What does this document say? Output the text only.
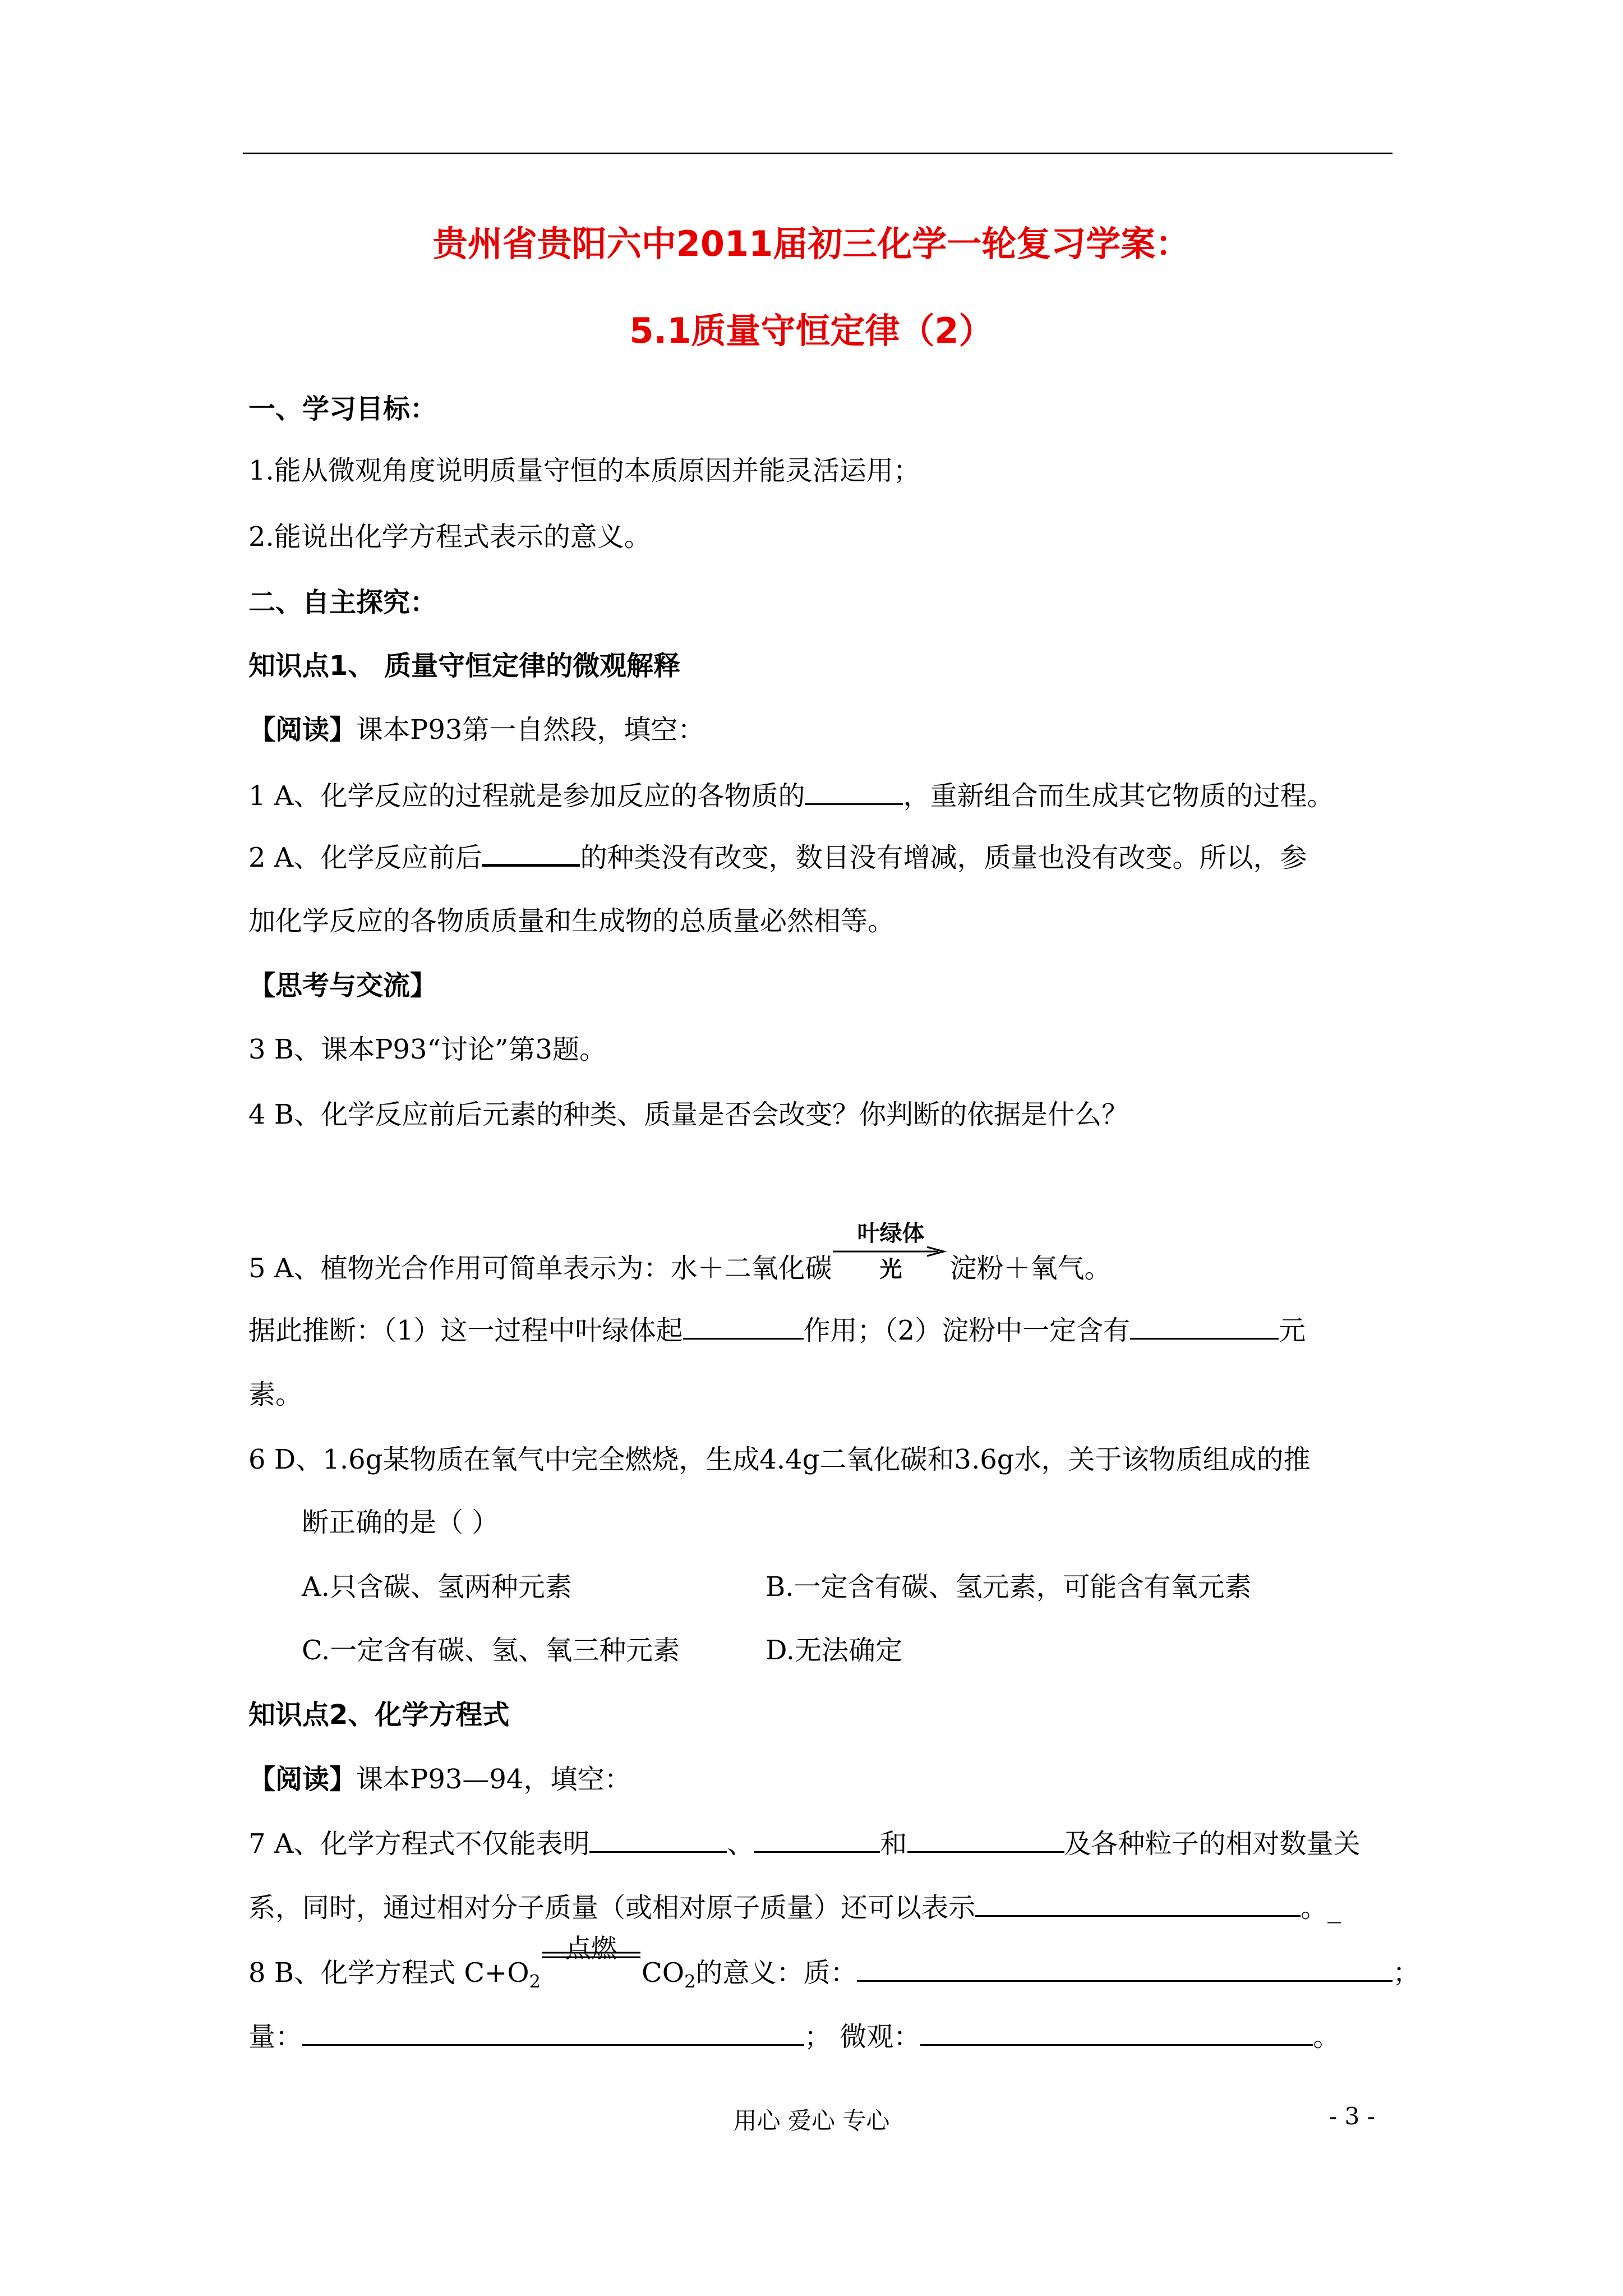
贵州省贵阳六中2011届初三化学一轮复习学案：
5.1质量守恒定律（2）
一、学习目标：
1.能从微观角度说明质量守恒的本质原因并能灵活运用；
2.能说出化学方程式表示的意义。
二、自主探究：
知识点1、 质量守恒定律的微观解释
【阅读】课本P93第一自然段，填空：
1 A、化学反应的过程就是参加反应的各物质的	，重新组合而生成其它物质的过程。
2 A、化学反应前后	的种类没有改变，数目没有增减，质量也没有改变。所以，参
加化学反应的各物质质量和生成物的总质量必然相等。
【思考与交流】
3 B、课本P93“讨论”第3题。
4 B、化学反应前后元素的种类、质量是否会改变？你判断的依据是什么？
5 A、植物光合作用可简单表示为：水＋二氧化碳
叶绿体
光	淀粉＋氧气。
据此推断：（1）这一过程中叶绿体起	作用；（2）淀粉中一定含有	元
素。
6 D、1.6g某物质在氧气中完全燃烧，生成4.4g二氧化碳和3.6g水，关于该物质组成的推
断正确的是（ ）
A.只含碳、氢两种元素	B.一定含有碳、氢元素，可能含有氧元素
C.一定含有碳、氢、氧三种元素	D.无法确定
知识点2、化学方程式
【阅读】课本P93—94，填空：
7 A、化学方程式不仅能表明	、	和	及各种粒子的相对数量关
系，同时，通过相对分子质量（或相对原子质量）还可以表示	。_
8 B、化学方程式 $C+O_2$
点燃
$CO_2$的意义：质：	；
量：	； 微观：	。
用心 爱心 专心	- 3 -
